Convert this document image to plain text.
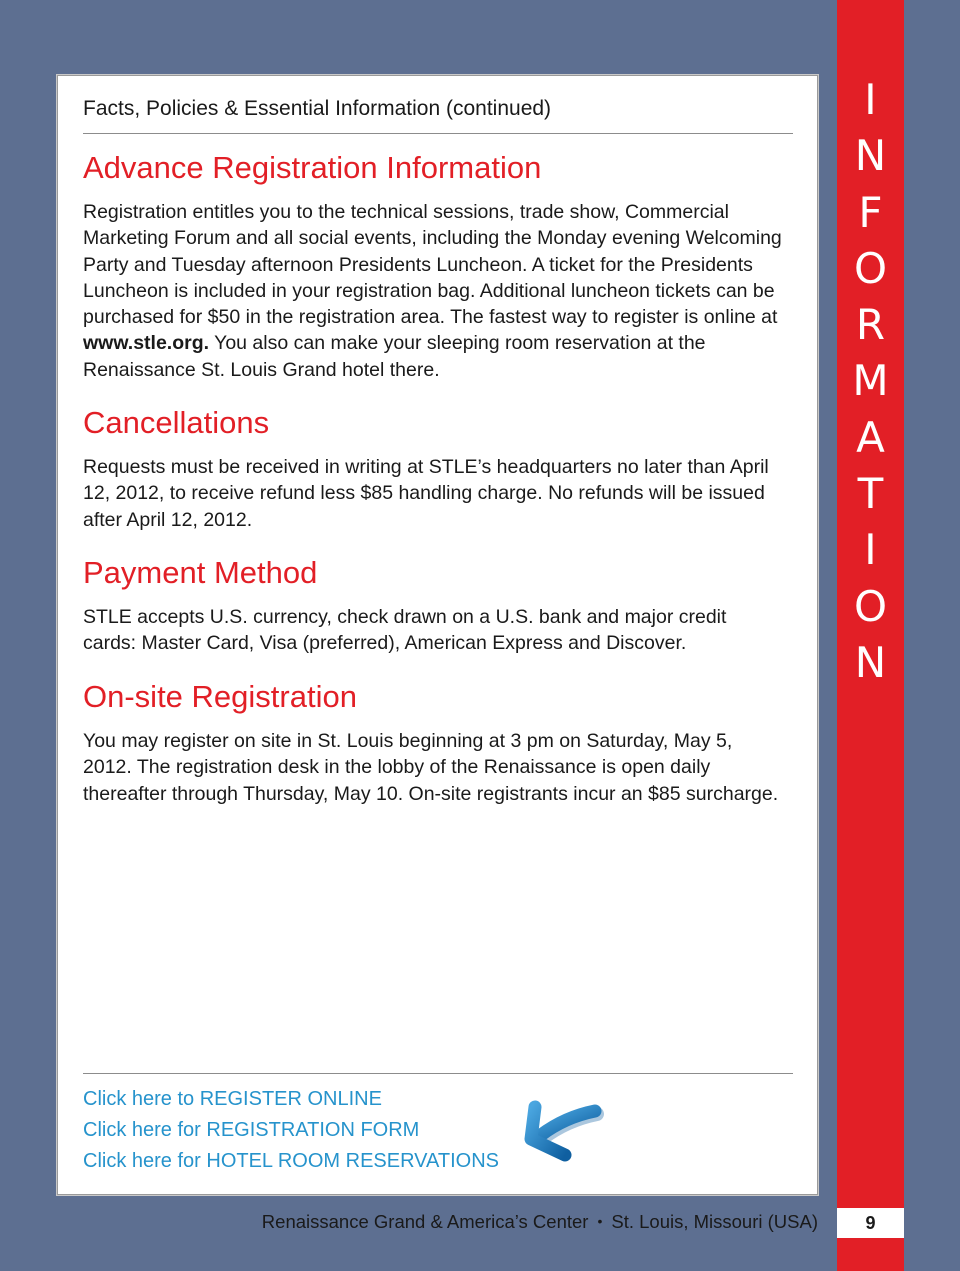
I
N
F
O
R
M
A
T
I
O
N
Facts, Policies & Essential Information (continued)
Advance Registration Information
Registration entitles you to the technical sessions, trade show, Commercial Marketing Forum and all social events, including the Monday evening Welcoming Party and Tuesday afternoon Presidents Luncheon. A ticket for the Presidents Luncheon is included in your registration bag. Additional luncheon tickets can be purchased for $50 in the registration area. The fastest way to register is online at www.stle.org. You also can make your sleeping room reservation at the Renaissance St. Louis Grand hotel there.
Cancellations
Requests must be received in writing at STLE’s headquarters no later than April 12, 2012, to receive refund less $85 handling charge. No refunds will be issued after April 12, 2012.
Payment Method
STLE accepts U.S. currency, check drawn on a U.S. bank and major credit cards: Master Card, Visa (preferred), American Express and Discover.
On-site Registration
You may register on site in St. Louis beginning at 3 pm on Saturday, May 5, 2012. The registration desk in the lobby of the Renaissance is open daily thereafter through Thursday, May 10. On-site registrants incur an $85 surcharge.
Click here to REGISTER ONLINE
Click here for REGISTRATION FORM
Click here for HOTEL ROOM RESERVATIONS
Renaissance Grand & America’s Center • St. Louis, Missouri (USA)	9
